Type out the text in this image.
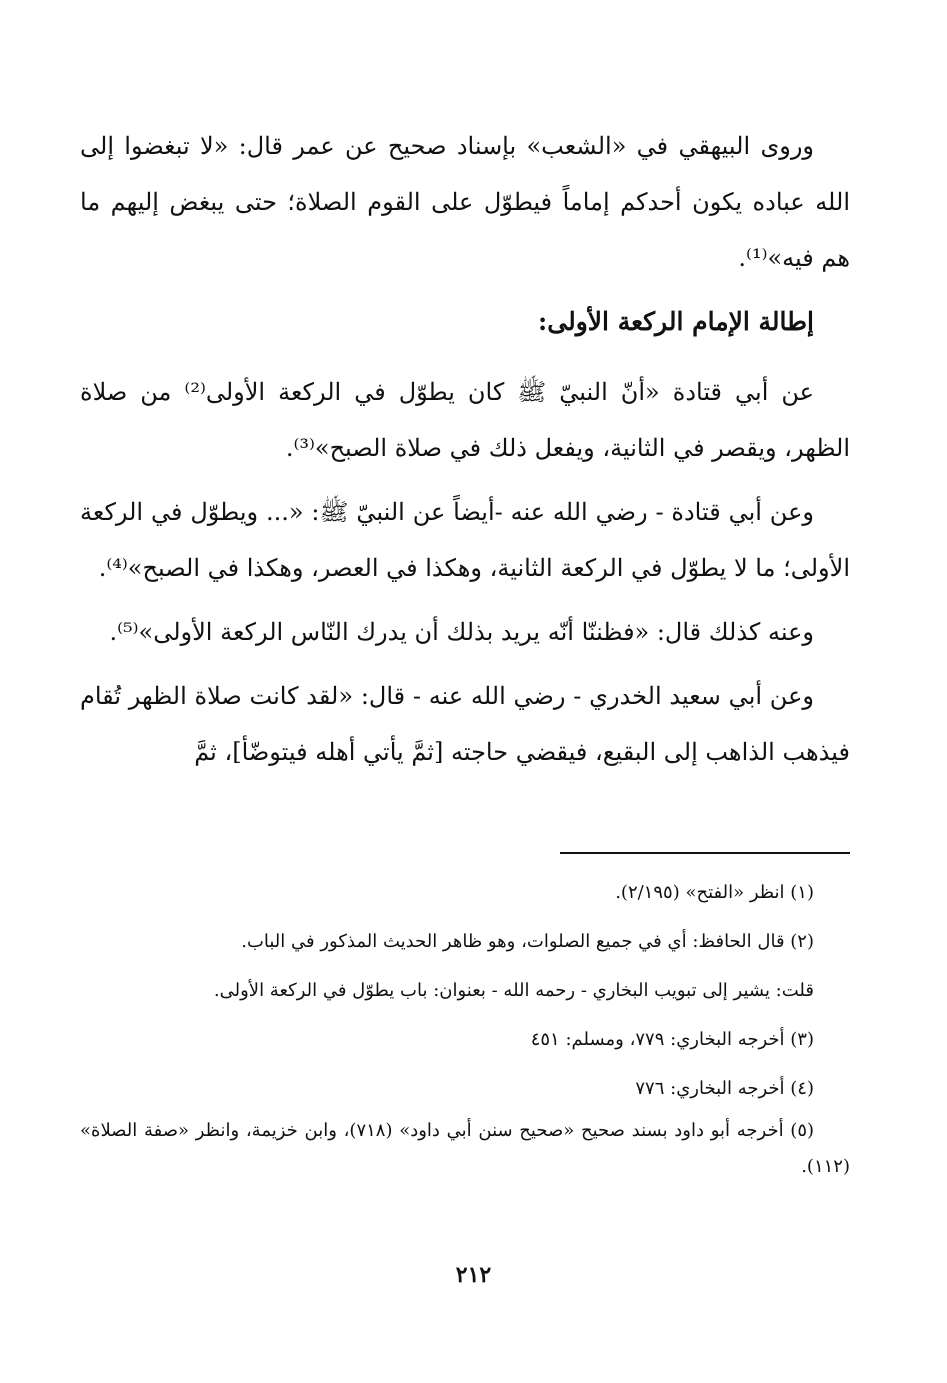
وروى البيهقي في «الشعب» بإسناد صحيح عن عمر قال: «لا تبغضوا إلى الله عباده يكون أحدكم إماماً فيطوّل على القوم الصلاة؛ حتى يبغض إليهم ما هم فيه»⁽¹⁾.

إطالة الإمام الركعة الأولى:

عن أبي قتادة «أنّ النبيّ ﷺ كان يطوّل في الركعة الأولى⁽²⁾ من صلاة الظهر، ويقصر في الثانية، ويفعل ذلك في صلاة الصبح»⁽³⁾.

وعن أبي قتادة - رضي الله عنه -أيضاً عن النبيّ ﷺ: «... ويطوّل في الركعة الأولى؛ ما لا يطوّل في الركعة الثانية، وهكذا في العصر، وهكذا في الصبح»⁽⁴⁾.

وعنه كذلك قال: «فظننّا أنّه يريد بذلك أن يدرك النّاس الركعة الأولى»⁽⁵⁾.

وعن أبي سعيد الخدري - رضي الله عنه - قال: «لقد كانت صلاة الظهر تُقام فيذهب الذاهب إلى البقيع، فيقضي حاجته [ثمَّ يأتي أهله فيتوضّأ]، ثمَّ

(١) انظر «الفتح» (٢/١٩٥).

(٢) قال الحافظ: أي في جميع الصلوات، وهو ظاهر الحديث المذكور في الباب.

قلت: يشير إلى تبويب البخاري - رحمه الله - بعنوان: باب يطوّل في الركعة الأولى.

(٣) أخرجه البخاري: ٧٧٩، ومسلم: ٤٥١

(٤) أخرجه البخاري: ٧٧٦

(٥) أخرجه أبو داود بسند صحيح «صحيح سنن أبي داود» (٧١٨)، وابن خزيمة، وانظر «صفة الصلاة» (١١٢).

٢١٢
